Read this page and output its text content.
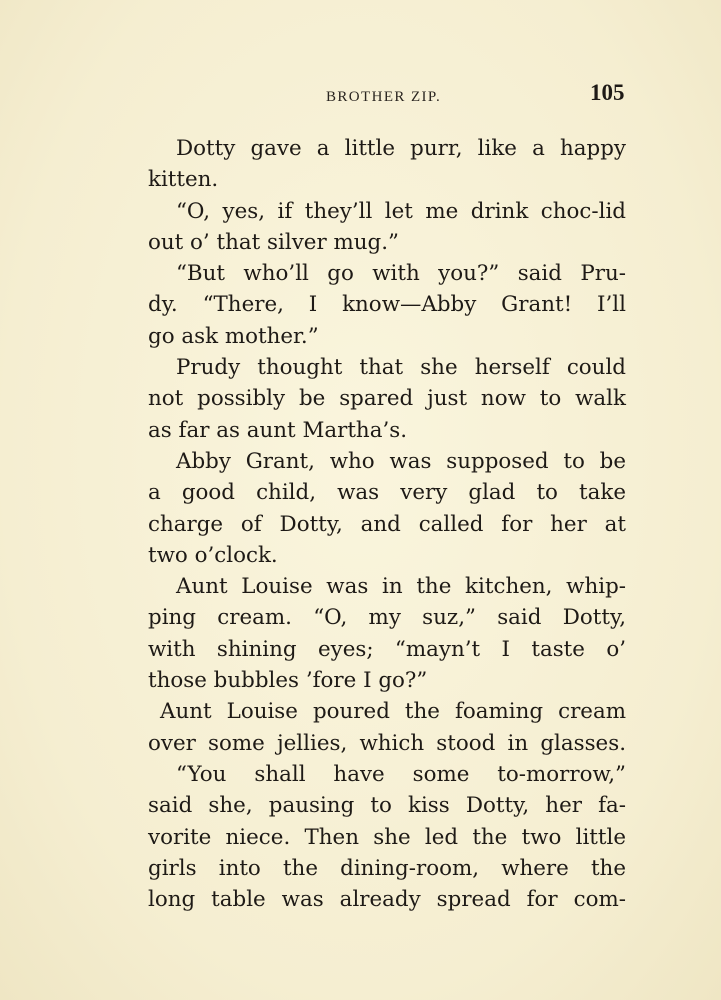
BROTHER ZIP.	105
Dotty gave a little purr, like a happy
kitten.
“O, yes, if they’ll let me drink choc-lid
out o’ that silver mug.”
“But who’ll go with you?” said Pru-
dy. “There, I know—Abby Grant! I’ll
go ask mother.”
Prudy thought that she herself could
not possibly be spared just now to walk
as far as aunt Martha’s.
Abby Grant, who was supposed to be
a good child, was very glad to take
charge of Dotty, and called for her at
two o’clock.
Aunt Louise was in the kitchen, whip-
ping cream. “O, my suz,” said Dotty,
with shining eyes; “mayn’t I taste o’
those bubbles ’fore I go?”
Aunt Louise poured the foaming cream
over some jellies, which stood in glasses.
“You shall have some to-morrow,”
said she, pausing to kiss Dotty, her fa-
vorite niece. Then she led the two little
girls into the dining-room, where the
long table was already spread for com-
